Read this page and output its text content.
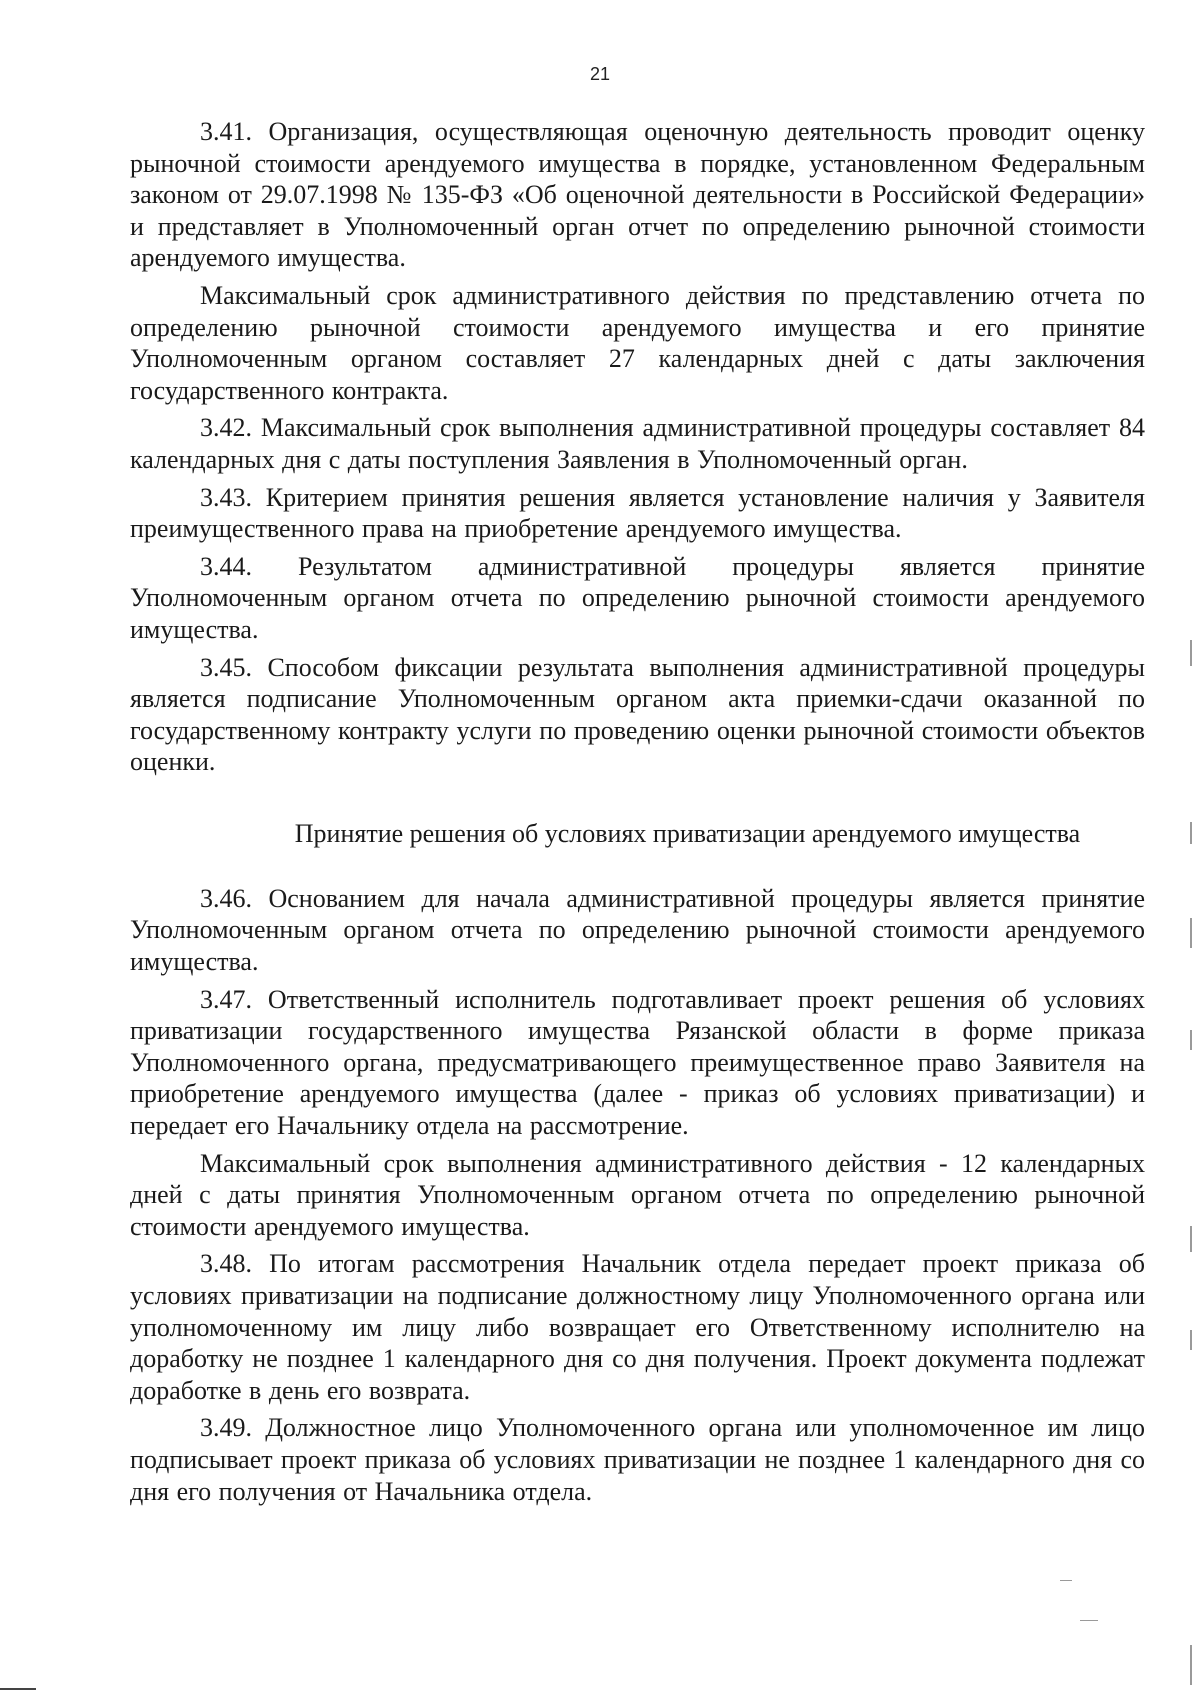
21

3.41. Организация, осуществляющая оценочную деятельность проводит оценку рыночной стоимости арендуемого имущества в порядке, установленном Федеральным законом от 29.07.1998 № 135-ФЗ «Об оценочной деятельности в Российской Федерации» и представляет в Уполномоченный орган отчет по определению рыночной стоимости арендуемого имущества.

Максимальный срок административного действия по представлению отчета по определению рыночной стоимости арендуемого имущества и его принятие Уполномоченным органом составляет 27 календарных дней с даты заключения государственного контракта.

3.42. Максимальный срок выполнения административной процедуры составляет 84 календарных дня с даты поступления Заявления в Уполномоченный орган.

3.43. Критерием принятия решения является установление наличия у Заявителя преимущественного права на приобретение арендуемого имущества.

3.44. Результатом административной процедуры является принятие Уполномоченным органом отчета по определению рыночной стоимости арендуемого имущества.

3.45. Способом фиксации результата выполнения административной процедуры является подписание Уполномоченным органом акта приемки-сдачи оказанной по государственному контракту услуги по проведению оценки рыночной стоимости объектов оценки.

Принятие решения об условиях приватизации арендуемого имущества

3.46. Основанием для начала административной процедуры является принятие Уполномоченным органом отчета по определению рыночной стоимости арендуемого имущества.

3.47. Ответственный исполнитель подготавливает проект решения об условиях приватизации государственного имущества Рязанской области в форме приказа Уполномоченного органа, предусматривающего преимущественное право Заявителя на приобретение арендуемого имущества (далее - приказ об условиях приватизации) и передает его Начальнику отдела на рассмотрение.

Максимальный срок выполнения административного действия - 12 календарных дней с даты принятия Уполномоченным органом отчета по определению рыночной стоимости арендуемого имущества.

3.48. По итогам рассмотрения Начальник отдела передает проект приказа об условиях приватизации на подписание должностному лицу Уполномоченного органа или уполномоченному им лицу либо возвращает его Ответственному исполнителю на доработку не позднее 1 календарного дня со дня получения. Проект документа подлежат доработке в день его возврата.

3.49. Должностное лицо Уполномоченного органа или уполномоченное им лицо подписывает проект приказа об условиях приватизации не позднее 1 календарного дня со дня его получения от Начальника отдела.
